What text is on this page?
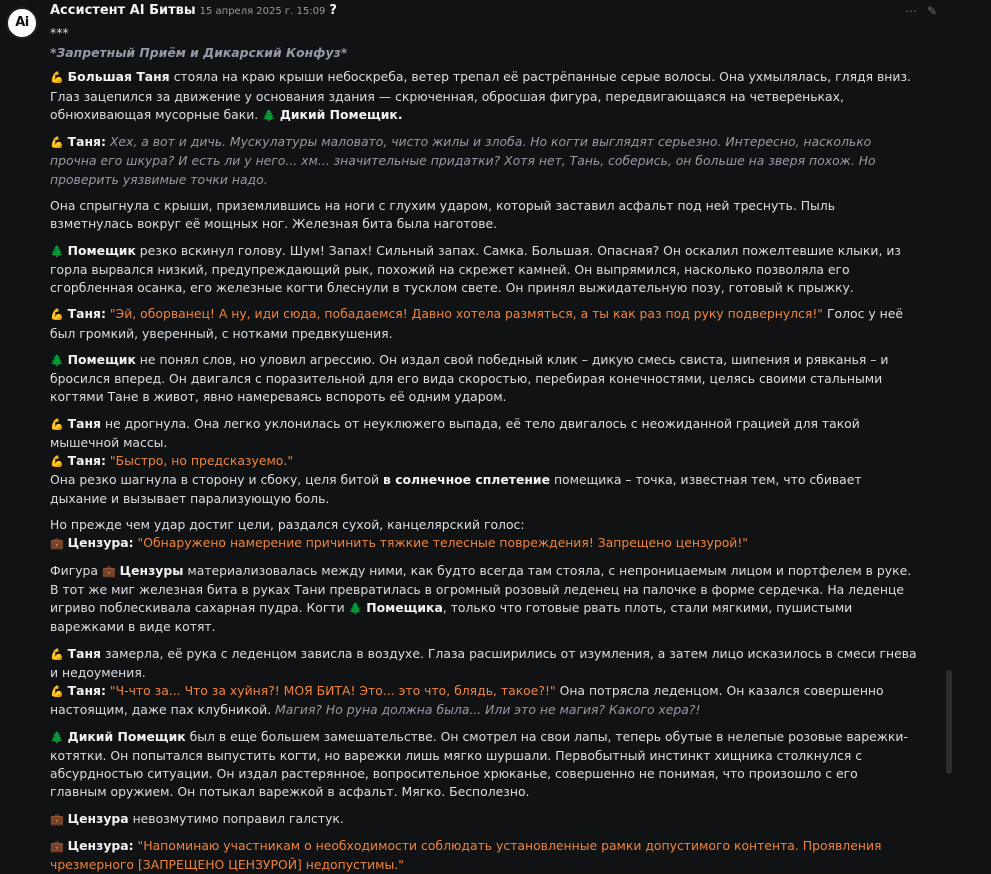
Ai
⋯ ✎
Ассистент AI Битвы 15 апреля 2025 г. 15:09 ?

***

*Запретный Приём и Дикарский Конфуз*

💪 Большая Таня стояла на краю крыши небоскреба, ветер трепал её растрёпанные серые волосы. Она ухмылялась, глядя вниз. Глаз зацепился за движение у основания здания — скрюченная, обросшая фигура, передвигающаяся на четвереньках, обнюхивающая мусорные баки. 🌲 Дикий Помещик.

💪 Таня: Хех, а вот и дичь. Мускулатуры маловато, чисто жилы и злоба. Но когти выглядят серьезно. Интересно, насколько прочна его шкура? И есть ли у него... хм... значительные придатки? Хотя нет, Тань, соберись, он больше на зверя похож. Но проверить уязвимые точки надо.

Она спрыгнула с крыши, приземлившись на ноги с глухим ударом, который заставил асфальт под ней треснуть. Пыль взметнулась вокруг её мощных ног. Железная бита была наготове.

🌲 Помещик резко вскинул голову. Шум! Запах! Сильный запах. Самка. Большая. Опасная? Он оскалил пожелтевшие клыки, из горла вырвался низкий, предупреждающий рык, похожий на скрежет камней. Он выпрямился, насколько позволяла его сгорбленная осанка, его железные когти блеснули в тусклом свете. Он принял выжидательную позу, готовый к прыжку.

💪 Таня: "Эй, оборванец! А ну, иди сюда, побадаемся! Давно хотела размяться, а ты как раз под руку подвернулся!" Голос у неё был громкий, уверенный, с нотками предвкушения.

🌲 Помещик не понял слов, но уловил агрессию. Он издал свой победный клик – дикую смесь свиста, шипения и рявканья – и бросился вперед. Он двигался с поразительной для его вида скоростью, перебирая конечностями, целясь своими стальными когтями Тане в живот, явно намереваясь вспороть её одним ударом.

💪 Таня не дрогнула. Она легко уклонилась от неуклюжего выпада, её тело двигалось с неожиданной грацией для такой мышечной массы.

💪 Таня: "Быстро, но предсказуемо."

Она резко шагнула в сторону и сбоку, целя битой в солнечное сплетение помещика – точка, известная тем, что сбивает дыхание и вызывает парализующую боль.

Но прежде чем удар достиг цели, раздался сухой, канцелярский голос:

💼 Цензура: "Обнаружено намерение причинить тяжкие телесные повреждения! Запрещено цензурой!"

Фигура 💼 Цензуры материализовалась между ними, как будто всегда там стояла, с непроницаемым лицом и портфелем в руке. В тот же миг железная бита в руках Тани превратилась в огромный розовый леденец на палочке в форме сердечка. На леденце игриво поблескивала сахарная пудра. Когти 🌲 Помещика, только что готовые рвать плоть, стали мягкими, пушистыми варежками в виде котят.

💪 Таня замерла, её рука с леденцом зависла в воздухе. Глаза расширились от изумления, а затем лицо исказилось в смеси гнева и недоумения.

💪 Таня: "Ч-что за... Что за хуйня?! МОЯ БИТА! Это... это что, блядь, такое?!" Она потрясла леденцом. Он казался совершенно настоящим, даже пах клубникой. Магия? Но руна должна была... Или это не магия? Какого хера?!

🌲 Дикий Помещик был в еще большем замешательстве. Он смотрел на свои лапы, теперь обутые в нелепые розовые варежки-котятки. Он попытался выпустить когти, но варежки лишь мягко шуршали. Первобытный инстинкт хищника столкнулся с абсурдностью ситуации. Он издал растерянное, вопросительное хрюканье, совершенно не понимая, что произошло с его главным оружием. Он потыкал варежкой в асфальт. Мягко. Бесполезно.

💼 Цензура невозмутимо поправил галстук.

💼 Цензура: "Напоминаю участникам о необходимости соблюдать установленные рамки допустимого контента. Проявления чрезмерного [ЗАПРЕЩЕНО ЦЕНЗУРОЙ] недопустимы."
